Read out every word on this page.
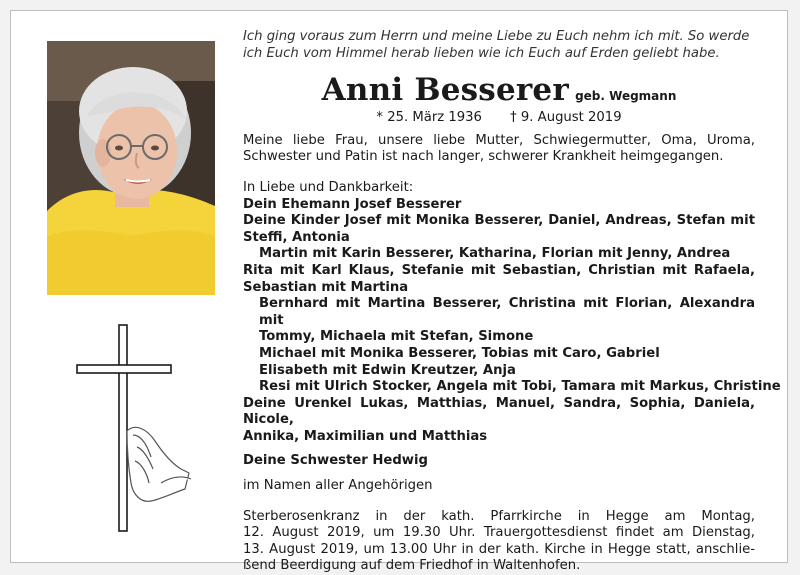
Ich ging voraus zum Herrn und meine Liebe zu Euch nehm ich mit. So werde
ich Euch vom Himmel herab lieben wie ich Euch auf Erden geliebt habe.
Anni Besserer geb. Wegmann
* 25. März 1936 † 9. August 2019
Meine liebe Frau, unsere liebe Mutter, Schwiegermutter, Oma, Uroma,
Schwester und Patin ist nach langer, schwerer Krankheit heimgegangen.
In Liebe und Dankbarkeit:
Dein Ehemann Josef Besserer
Deine Kinder Josef mit Monika Besserer, Daniel, Andreas, Stefan mit
Steffi, Antonia
Martin mit Karin Besserer, Katharina, Florian mit Jenny, Andrea
Rita mit Karl Klaus, Stefanie mit Sebastian, Christian mit Rafaela,
Sebastian mit Martina
Bernhard mit Martina Besserer, Christina mit Florian, Alexandra mit
Tommy, Michaela mit Stefan, Simone
Michael mit Monika Besserer, Tobias mit Caro, Gabriel
Elisabeth mit Edwin Kreutzer, Anja
Resi mit Ulrich Stocker, Angela mit Tobi, Tamara mit Markus, Christine
Deine Urenkel Lukas, Matthias, Manuel, Sandra, Sophia, Daniela, Nicole,
Annika, Maximilian und Matthias
Deine Schwester Hedwig
im Namen aller Angehörigen
Sterberosenkranz in der kath. Pfarrkirche in Hegge am Montag,
12. August 2019, um 19.30 Uhr. Trauergottesdienst findet am Dienstag,
13. August 2019, um 13.00 Uhr in der kath. Kirche in Hegge statt, anschlie-
ßend Beerdigung auf dem Friedhof in Waltenhofen.
